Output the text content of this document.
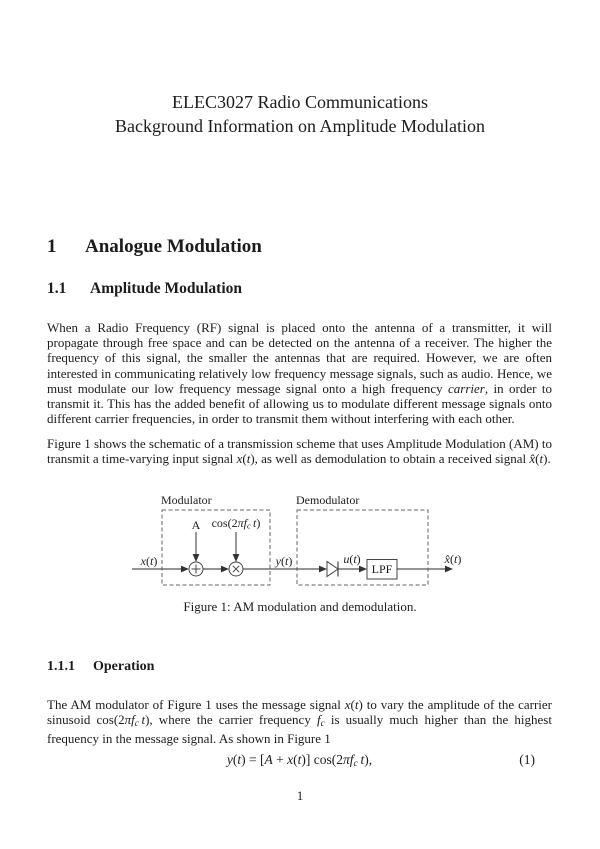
ELEC3027 Radio Communications
Background Information on Amplitude Modulation
1 Analogue Modulation
1.1 Amplitude Modulation
When a Radio Frequency (RF) signal is placed onto the antenna of a transmitter, it will propagate through free space and can be detected on the antenna of a receiver. The higher the frequency of this signal, the smaller the antennas that are required. However, we are often interested in communicating relatively low frequency message signals, such as audio. Hence, we must modulate our low frequency message signal onto a high frequency carrier, in order to transmit it. This has the added benefit of allowing us to modulate different message signals onto different carrier frequencies, in order to transmit them without interfering with each other.
Figure 1 shows the schematic of a transmission scheme that uses Amplitude Modulation (AM) to transmit a time-varying input signal x(t), as well as demodulation to obtain a received signal x̂(t).
Modulator	Demodulator
x(t)
A cos(2πfc t)
y(t)	u(t)
LPF
x̂(t)
Figure 1: AM modulation and demodulation.
1.1.1 Operation
The AM modulator of Figure 1 uses the message signal x(t) to vary the amplitude of the carrier sinusoid cos(2πfc t), where the carrier frequency fc is usually much higher than the highest frequency in the message signal. As shown in Figure 1
y(t) = [A + x(t)] cos(2πfc t),	(1)
1
